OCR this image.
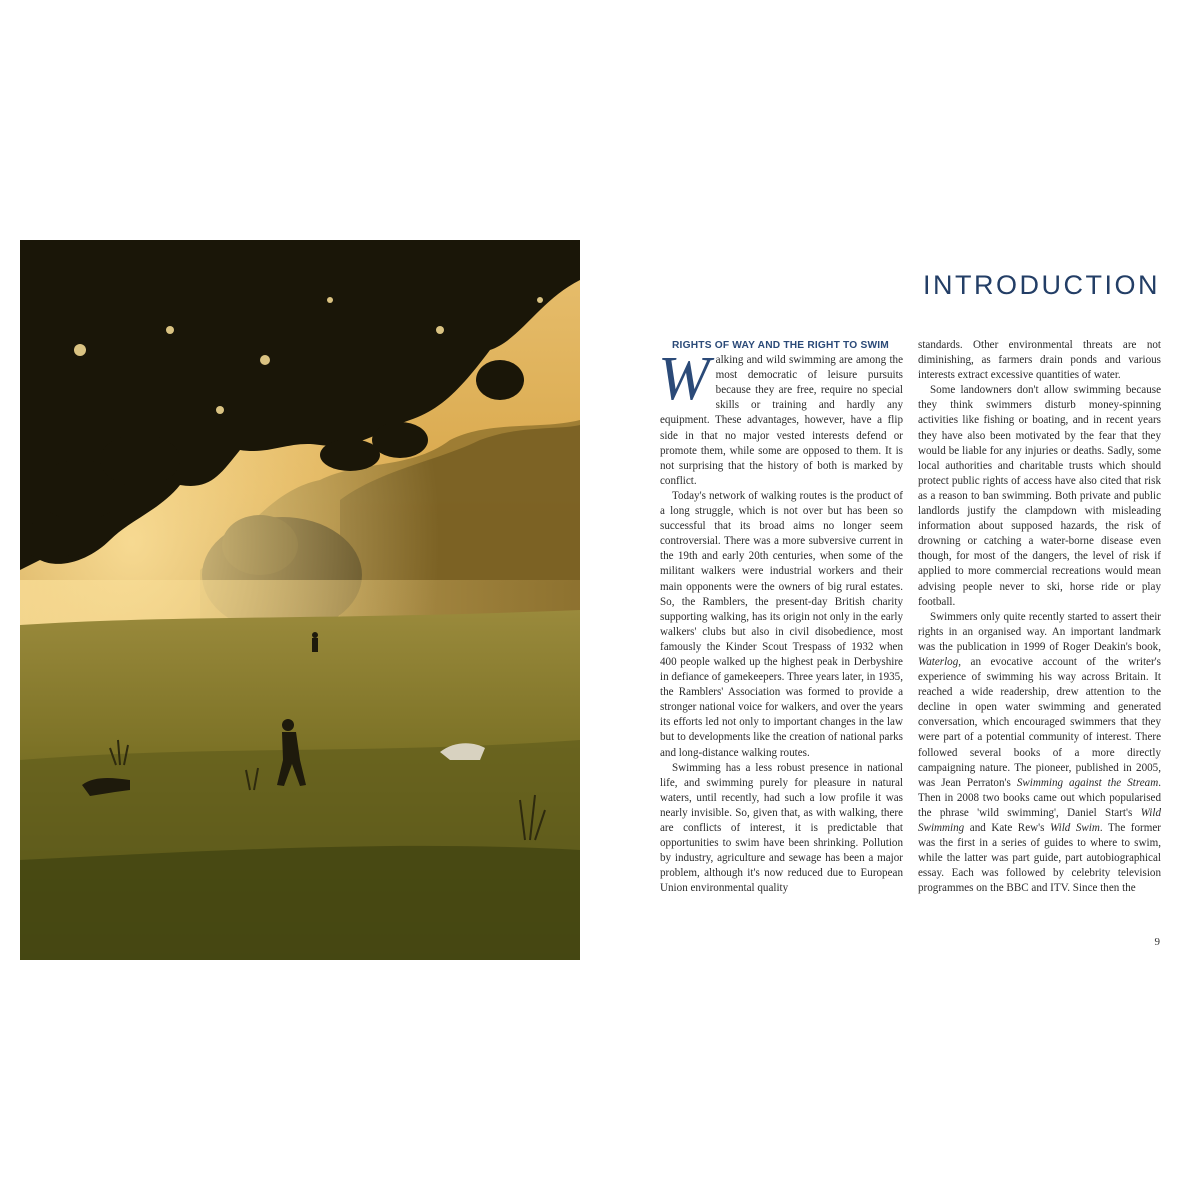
INTRODUCTION

RIGHTS OF WAY AND THE RIGHT TO SWIM

Walking and wild swimming are among the most democratic of leisure pursuits because they are free, require no special skills or training and hardly any equipment. These advantages, however, have a flip side in that no major vested interests defend or promote them, while some are opposed to them. It is not surprising that the history of both is marked by conflict.

Today's network of walking routes is the product of a long struggle, which is not over but has been so successful that its broad aims no longer seem controversial. There was a more subversive current in the 19th and early 20th centuries, when some of the militant walkers were industrial workers and their main opponents were the owners of big rural estates. So, the Ramblers, the present-day British charity supporting walking, has its origin not only in the early walkers' clubs but also in civil disobedience, most famously the Kinder Scout Trespass of 1932 when 400 people walked up the highest peak in Derbyshire in defiance of gamekeepers. Three years later, in 1935, the Ramblers' Association was formed to provide a stronger national voice for walkers, and over the years its efforts led not only to important changes in the law but to developments like the creation of national parks and long-distance walking routes.

Swimming has a less robust presence in national life, and swimming purely for pleasure in natural waters, until recently, had such a low profile it was nearly invisible. So, given that, as with walking, there are conflicts of interest, it is predictable that opportunities to swim have been shrinking. Pollution by industry, agriculture and sewage has been a major problem, although it's now reduced due to European Union environmental quality

standards. Other environmental threats are not diminishing, as farmers drain ponds and various interests extract excessive quantities of water.

Some landowners don't allow swimming because they think swimmers disturb money-spinning activities like fishing or boating, and in recent years they have also been motivated by the fear that they would be liable for any injuries or deaths. Sadly, some local authorities and charitable trusts which should protect public rights of access have also cited that risk as a reason to ban swimming. Both private and public landlords justify the clampdown with misleading information about supposed hazards, the risk of drowning or catching a water-borne disease even though, for most of the dangers, the level of risk if applied to more commercial recreations would mean advising people never to ski, horse ride or play football.

Swimmers only quite recently started to assert their rights in an organised way. An important landmark was the publication in 1999 of Roger Deakin's book, Waterlog, an evocative account of the writer's experience of swimming his way across Britain. It reached a wide readership, drew attention to the decline in open water swimming and generated conversation, which encouraged swimmers that they were part of a potential community of interest. There followed several books of a more directly campaigning nature. The pioneer, published in 2005, was Jean Perraton's Swimming against the Stream. Then in 2008 two books came out which popularised the phrase 'wild swimming', Daniel Start's Wild Swimming and Kate Rew's Wild Swim. The former was the first in a series of guides to where to swim, while the latter was part guide, part autobiographical essay. Each was followed by celebrity television programmes on the BBC and ITV. Since then the

9
